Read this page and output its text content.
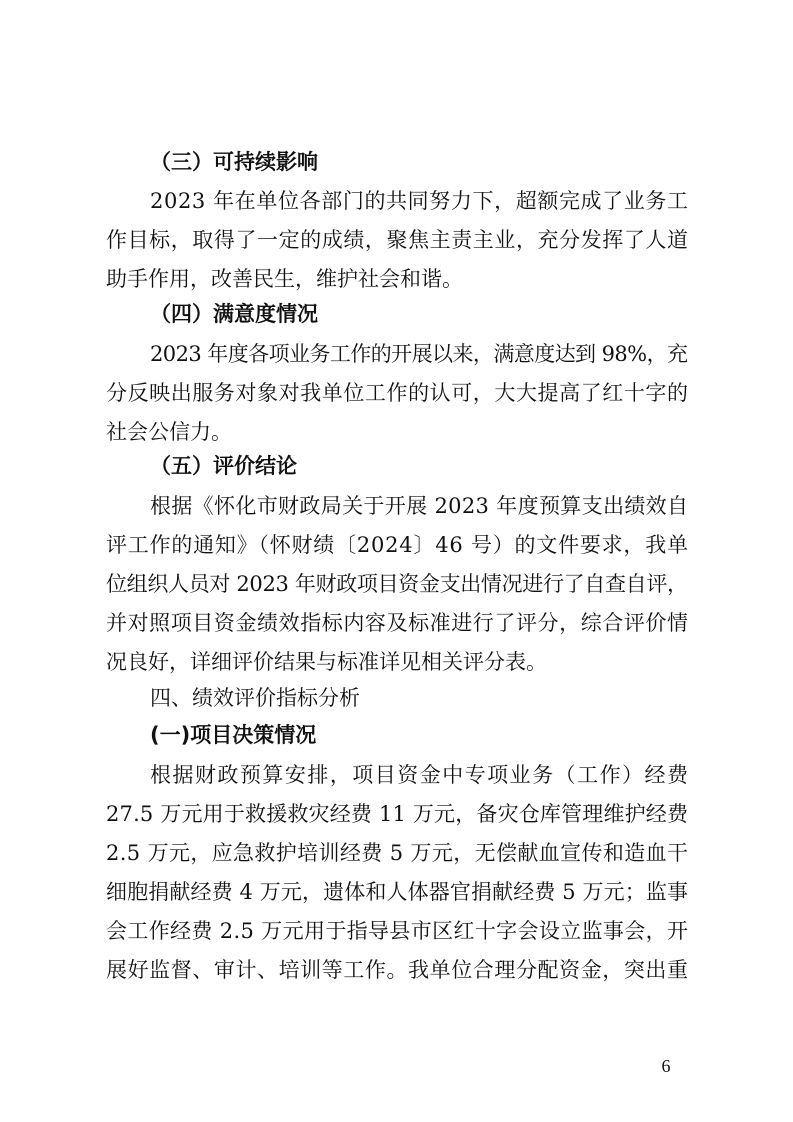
（三）可持续影响
2023 年在单位各部门的共同努力下，超额完成了业务工
作目标，取得了一定的成绩，聚焦主责主业，充分发挥了人道
助手作用，改善民生，维护社会和谐。
（四）满意度情况
2023 年度各项业务工作的开展以来，满意度达到 98%，充
分反映出服务对象对我单位工作的认可，大大提高了红十字的
社会公信力。
（五）评价结论
根据《怀化市财政局关于开展 2023 年度预算支出绩效自
评工作的通知》（怀财绩〔2024〕46 号）的文件要求，我单
位组织人员对 2023 年财政项目资金支出情况进行了自查自评，
并对照项目资金绩效指标内容及标准进行了评分，综合评价情
况良好，详细评价结果与标准详见相关评分表。
四、绩效评价指标分析
(一)项目决策情况
根据财政预算安排，项目资金中专项业务（工作）经费
27.5 万元用于救援救灾经费 11 万元，备灾仓库管理维护经费
2.5 万元，应急救护培训经费 5 万元，无偿献血宣传和造血干
细胞捐献经费 4 万元，遗体和人体器官捐献经费 5 万元；监事
会工作经费 2.5 万元用于指导县市区红十字会设立监事会，开
展好监督、审计、培训等工作。我单位合理分配资金，突出重
6
